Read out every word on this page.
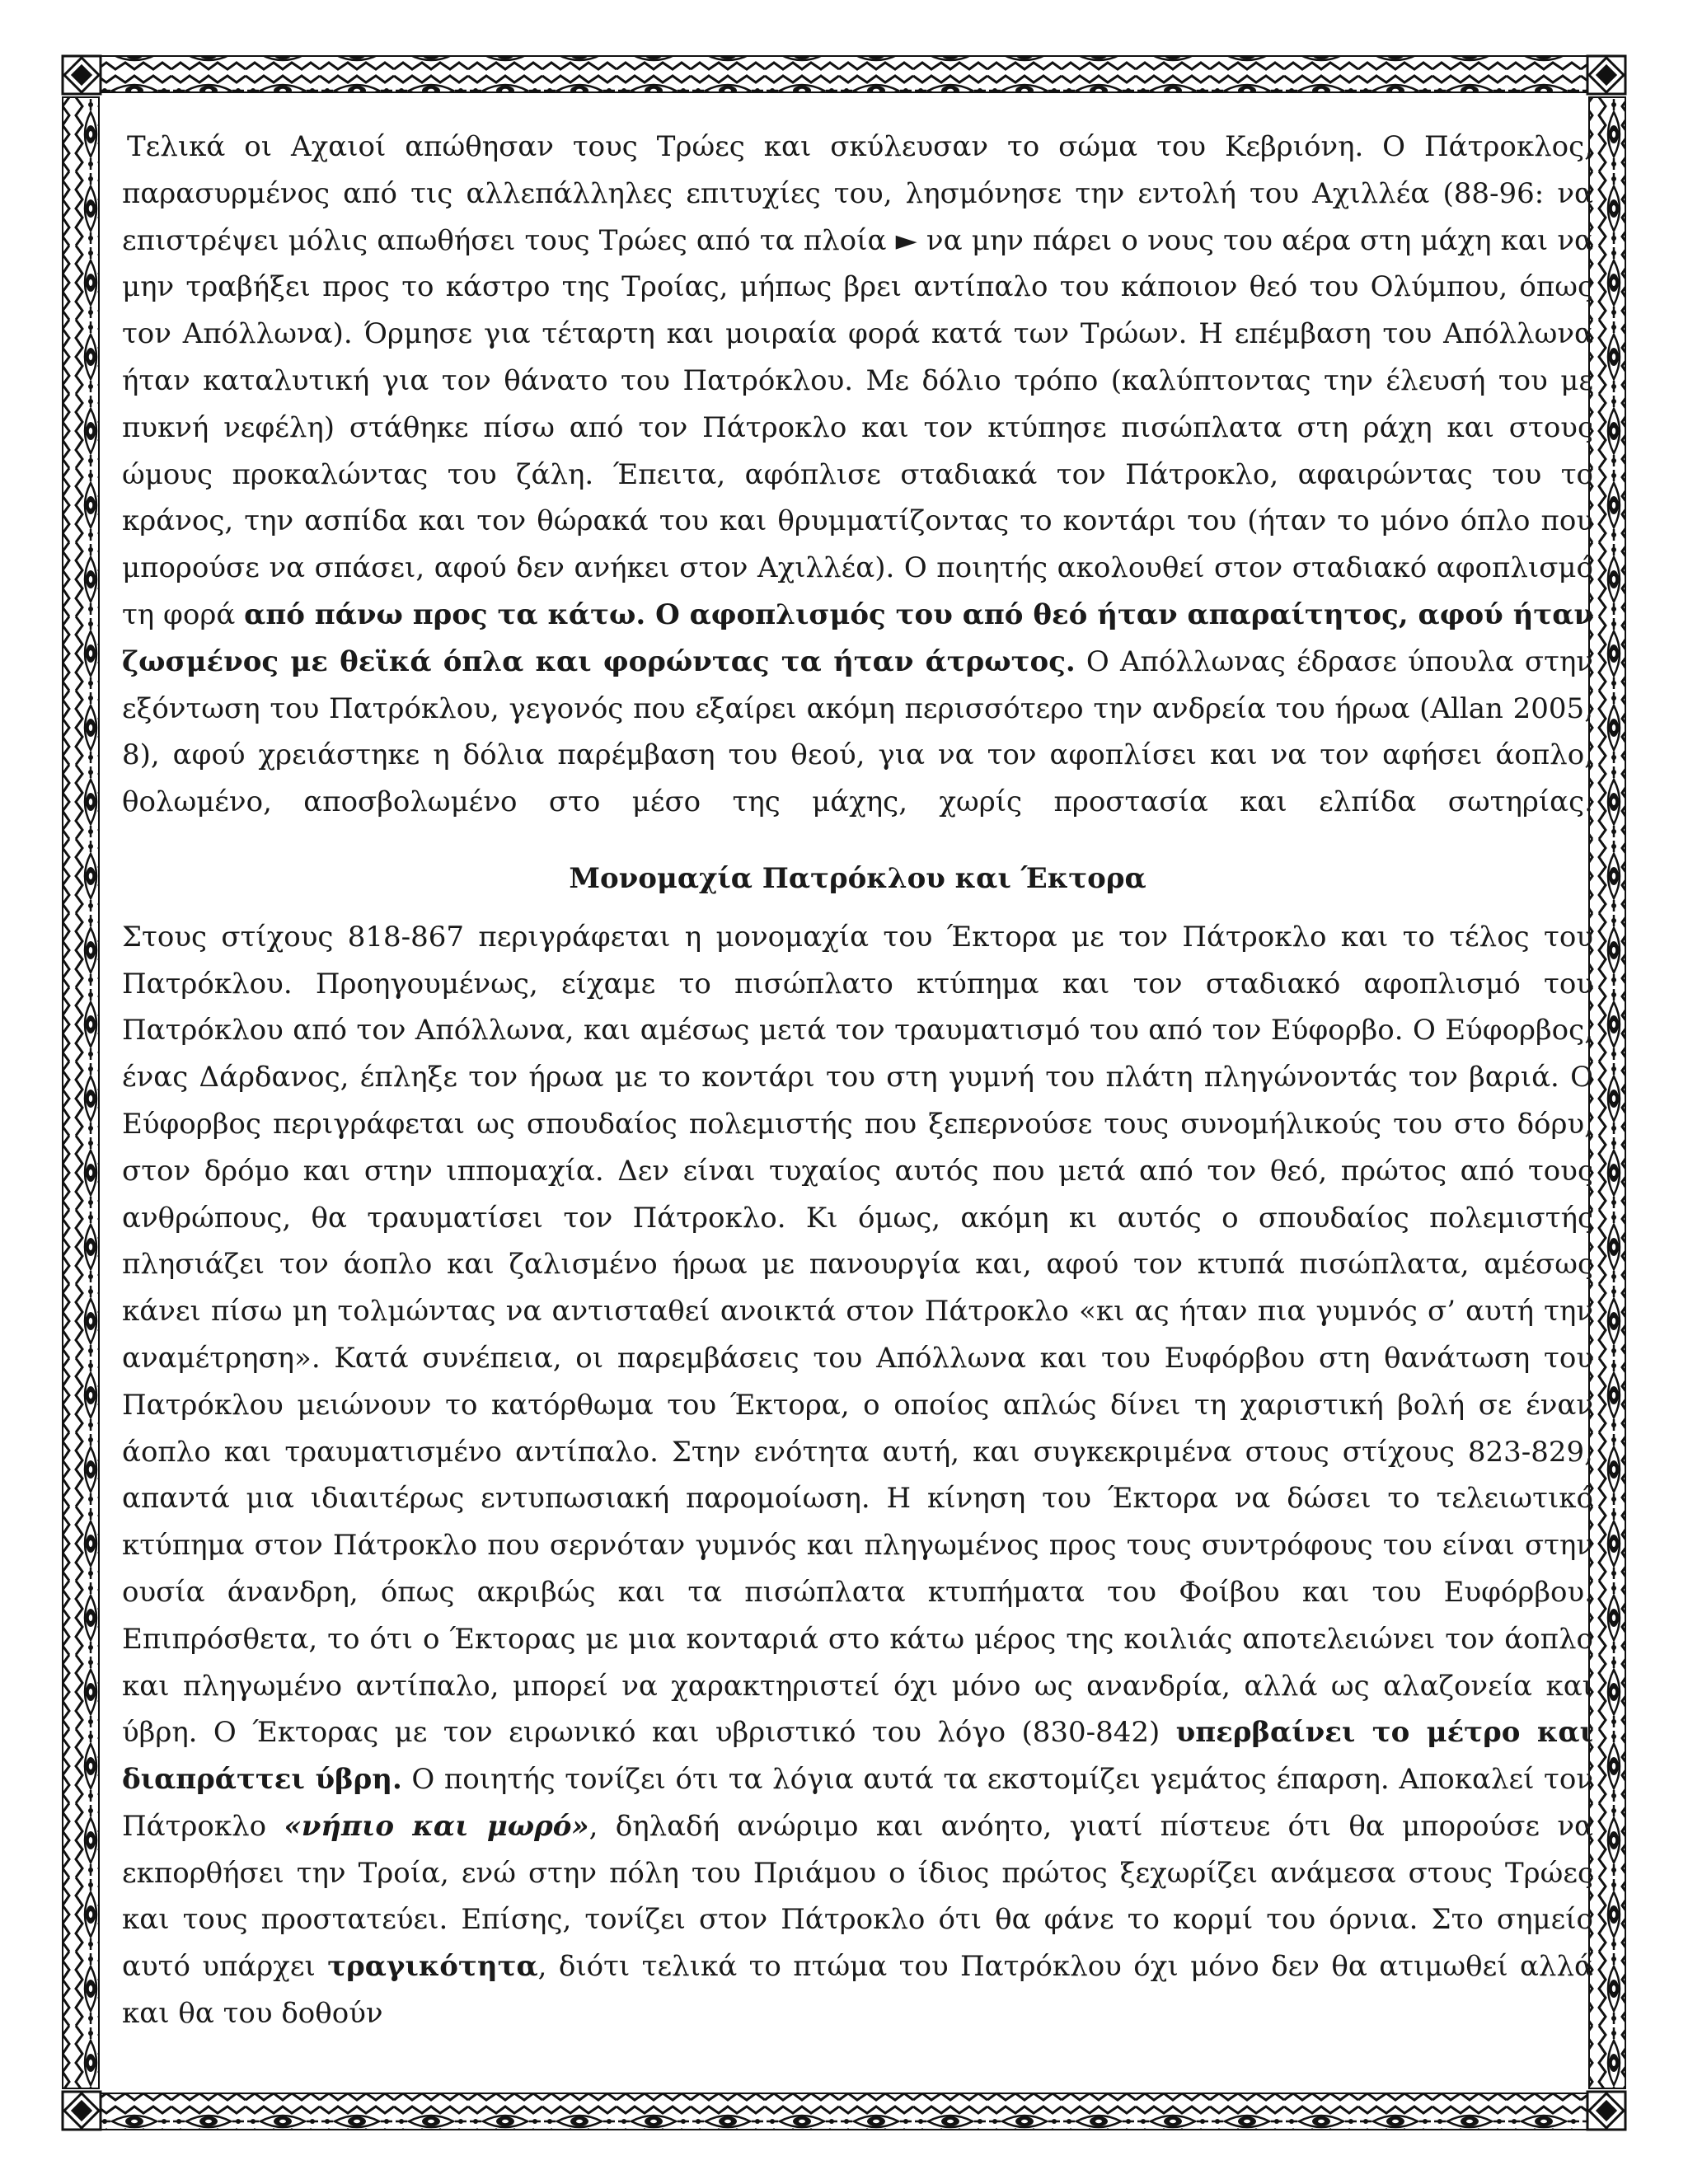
Τελικά οι Αχαιοί απώθησαν τους Τρώες και σκύλευσαν το σώμα του Κεβριόνη. Ο Πάτροκλος, παρασυρμένος από τις αλλεπάλληλες επιτυχίες του, λησμόνησε την εντολή του Αχιλλέα (88-96: να επιστρέψει μόλις απωθήσει τους Τρώες από τα πλοία ► να μην πάρει ο νους του αέρα στη μάχη και να μην τραβήξει προς το κάστρο της Τροίας, μήπως βρει αντίπαλο του κάποιον θεό του Ολύμπου, όπως τον Απόλλωνα). Όρμησε για τέταρτη και μοιραία φορά κατά των Τρώων. Η επέμβαση του Απόλλωνα ήταν καταλυτική για τον θάνατο του Πατρόκλου. Με δόλιο τρόπο (καλύπτοντας την έλευσή του με πυκνή νεφέλη) στάθηκε πίσω από τον Πάτροκλο και τον κτύπησε πισώπλατα στη ράχη και στους ώμους προκαλώντας του ζάλη. Έπειτα, αφόπλισε σταδιακά τον Πάτροκλο, αφαιρώντας του το κράνος, την ασπίδα και τον θώρακά του και θρυμματίζοντας το κοντάρι του (ήταν το μόνο όπλο που μπορούσε να σπάσει, αφού δεν ανήκει στον Αχιλλέα). Ο ποιητής ακολουθεί στον σταδιακό αφοπλισμό τη φορά από πάνω προς τα κάτω. Ο αφοπλισμός του από θεό ήταν απαραίτητος, αφού ήταν ζωσμένος με θεϊκά όπλα και φορώντας τα ήταν άτρωτος. Ο Απόλλωνας έδρασε ύπουλα στην εξόντωση του Πατρόκλου, γεγονός που εξαίρει ακόμη περισσότερο την ανδρεία του ήρωα (Allan 2005, 8), αφού χρειάστηκε η δόλια παρέμβαση του θεού, για να τον αφοπλίσει και να τον αφήσει άοπλο, θολωμένο, αποσβολωμένο στο μέσο της μάχης, χωρίς προστασία και ελπίδα σωτηρίας.

Μονομαχία Πατρόκλου και Έκτορα

Στους στίχους 818-867 περιγράφεται η μονομαχία του Έκτορα με τον Πάτροκλο και το τέλος του Πατρόκλου. Προηγουμένως, είχαμε το πισώπλατο κτύπημα και τον σταδιακό αφοπλισμό του Πατρόκλου από τον Απόλλωνα, και αμέσως μετά τον τραυματισμό του από τον Εύφορβο. Ο Εύφορβος, ένας Δάρδανος, έπληξε τον ήρωα με το κοντάρι του στη γυμνή του πλάτη πληγώνοντάς τον βαριά. Ο Εύφορβος περιγράφεται ως σπουδαίος πολεμιστής που ξεπερνούσε τους συνομήλικούς του στο δόρυ, στον δρόμο και στην ιππομαχία. Δεν είναι τυχαίος αυτός που μετά από τον θεό, πρώτος από τους ανθρώπους, θα τραυματίσει τον Πάτροκλο. Κι όμως, ακόμη κι αυτός ο σπουδαίος πολεμιστής πλησιάζει τον άοπλο και ζαλισμένο ήρωα με πανουργία και, αφού τον κτυπά πισώπλατα, αμέσως κάνει πίσω μη τολμώντας να αντισταθεί ανοικτά στον Πάτροκλο «κι ας ήταν πια γυμνός σ’ αυτή την αναμέτρηση». Κατά συνέπεια, οι παρεμβάσεις του Απόλλωνα και του Ευφόρβου στη θανάτωση του Πατρόκλου μειώνουν το κατόρθωμα του Έκτορα, ο οποίος απλώς δίνει τη χαριστική βολή σε έναν άοπλο και τραυματισμένο αντίπαλο. Στην ενότητα αυτή, και συγκεκριμένα στους στίχους 823-829, απαντά μια ιδιαιτέρως εντυπωσιακή παρομοίωση. Η κίνηση του Έκτορα να δώσει το τελειωτικό κτύπημα στον Πάτροκλο που σερνόταν γυμνός και πληγωμένος προς τους συντρόφους του είναι στην ουσία άνανδρη, όπως ακριβώς και τα πισώπλατα κτυπήματα του Φοίβου και του Ευφόρβου. Επιπρόσθετα, το ότι ο Έκτορας με μια κονταριά στο κάτω μέρος της κοιλιάς αποτελειώνει τον άοπλο και πληγωμένο αντίπαλο, μπορεί να χαρακτηριστεί όχι μόνο ως ανανδρία, αλλά ως αλαζονεία και ύβρη. Ο Έκτορας με τον ειρωνικό και υβριστικό του λόγο (830-842) υπερβαίνει το μέτρο και διαπράττει ύβρη. Ο ποιητής τονίζει ότι τα λόγια αυτά τα εκστομίζει γεμάτος έπαρση. Αποκαλεί τον Πάτροκλο «νήπιο και μωρό», δηλαδή ανώριμο και ανόητο, γιατί πίστευε ότι θα μπορούσε να εκπορθήσει την Τροία, ενώ στην πόλη του Πριάμου ο ίδιος πρώτος ξεχωρίζει ανάμεσα στους Τρώες και τους προστατεύει. Επίσης, τονίζει στον Πάτροκλο ότι θα φάνε το κορμί του όρνια. Στο σημείο αυτό υπάρχει τραγικότητα, διότι τελικά το πτώμα του Πατρόκλου όχι μόνο δεν θα ατιμωθεί αλλά και θα του δοθούν
